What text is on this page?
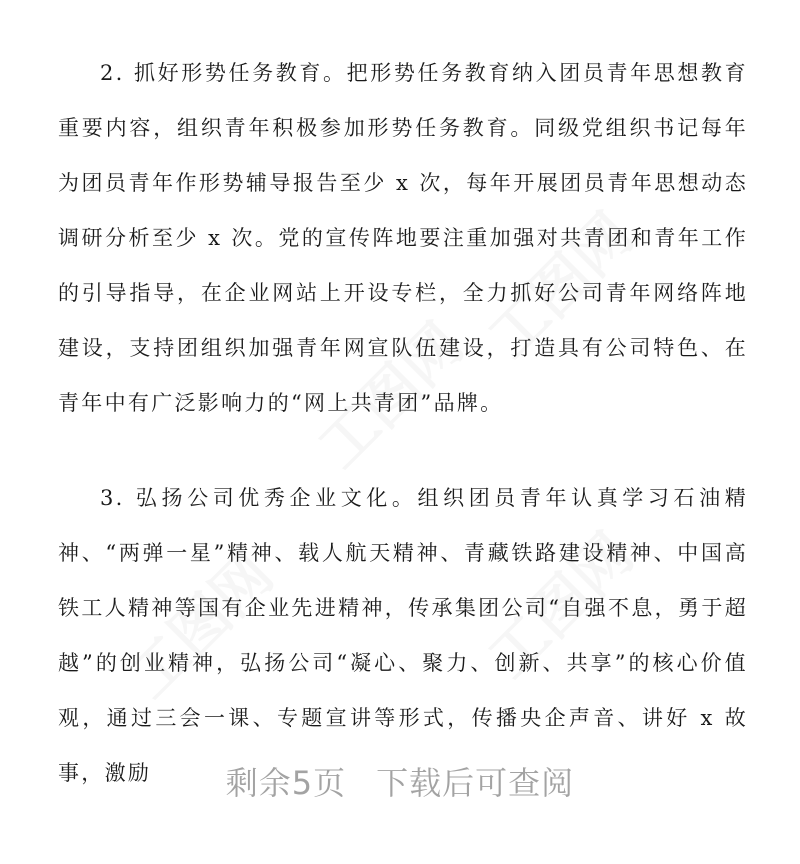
2. 抓好形势任务教育。把形势任务教育纳入团员青年思想教育重要内容，组织青年积极参加形势任务教育。同级党组织书记每年为团员青年作形势辅导报告至少 x 次，每年开展团员青年思想动态调研分析至少 x 次。党的宣传阵地要注重加强对共青团和青年工作的引导指导，在企业网站上开设专栏，全力抓好公司青年网络阵地建设，支持团组织加强青年网宣队伍建设，打造具有公司特色、在青年中有广泛影响力的“网上共青团”品牌。

3. 弘扬公司优秀企业文化。组织团员青年认真学习石油精神、“两弹一星”精神、载人航天精神、青藏铁路建设精神、中国高铁工人精神等国有企业先进精神，传承集团公司“自强不息，勇于超越”的创业精神，弘扬公司“凝心、聚力、创新、共享”的核心价值观，通过三会一课、专题宣讲等形式，传播央企声音、讲好 x 故事，激励	剩余5页 下载后可查阅
